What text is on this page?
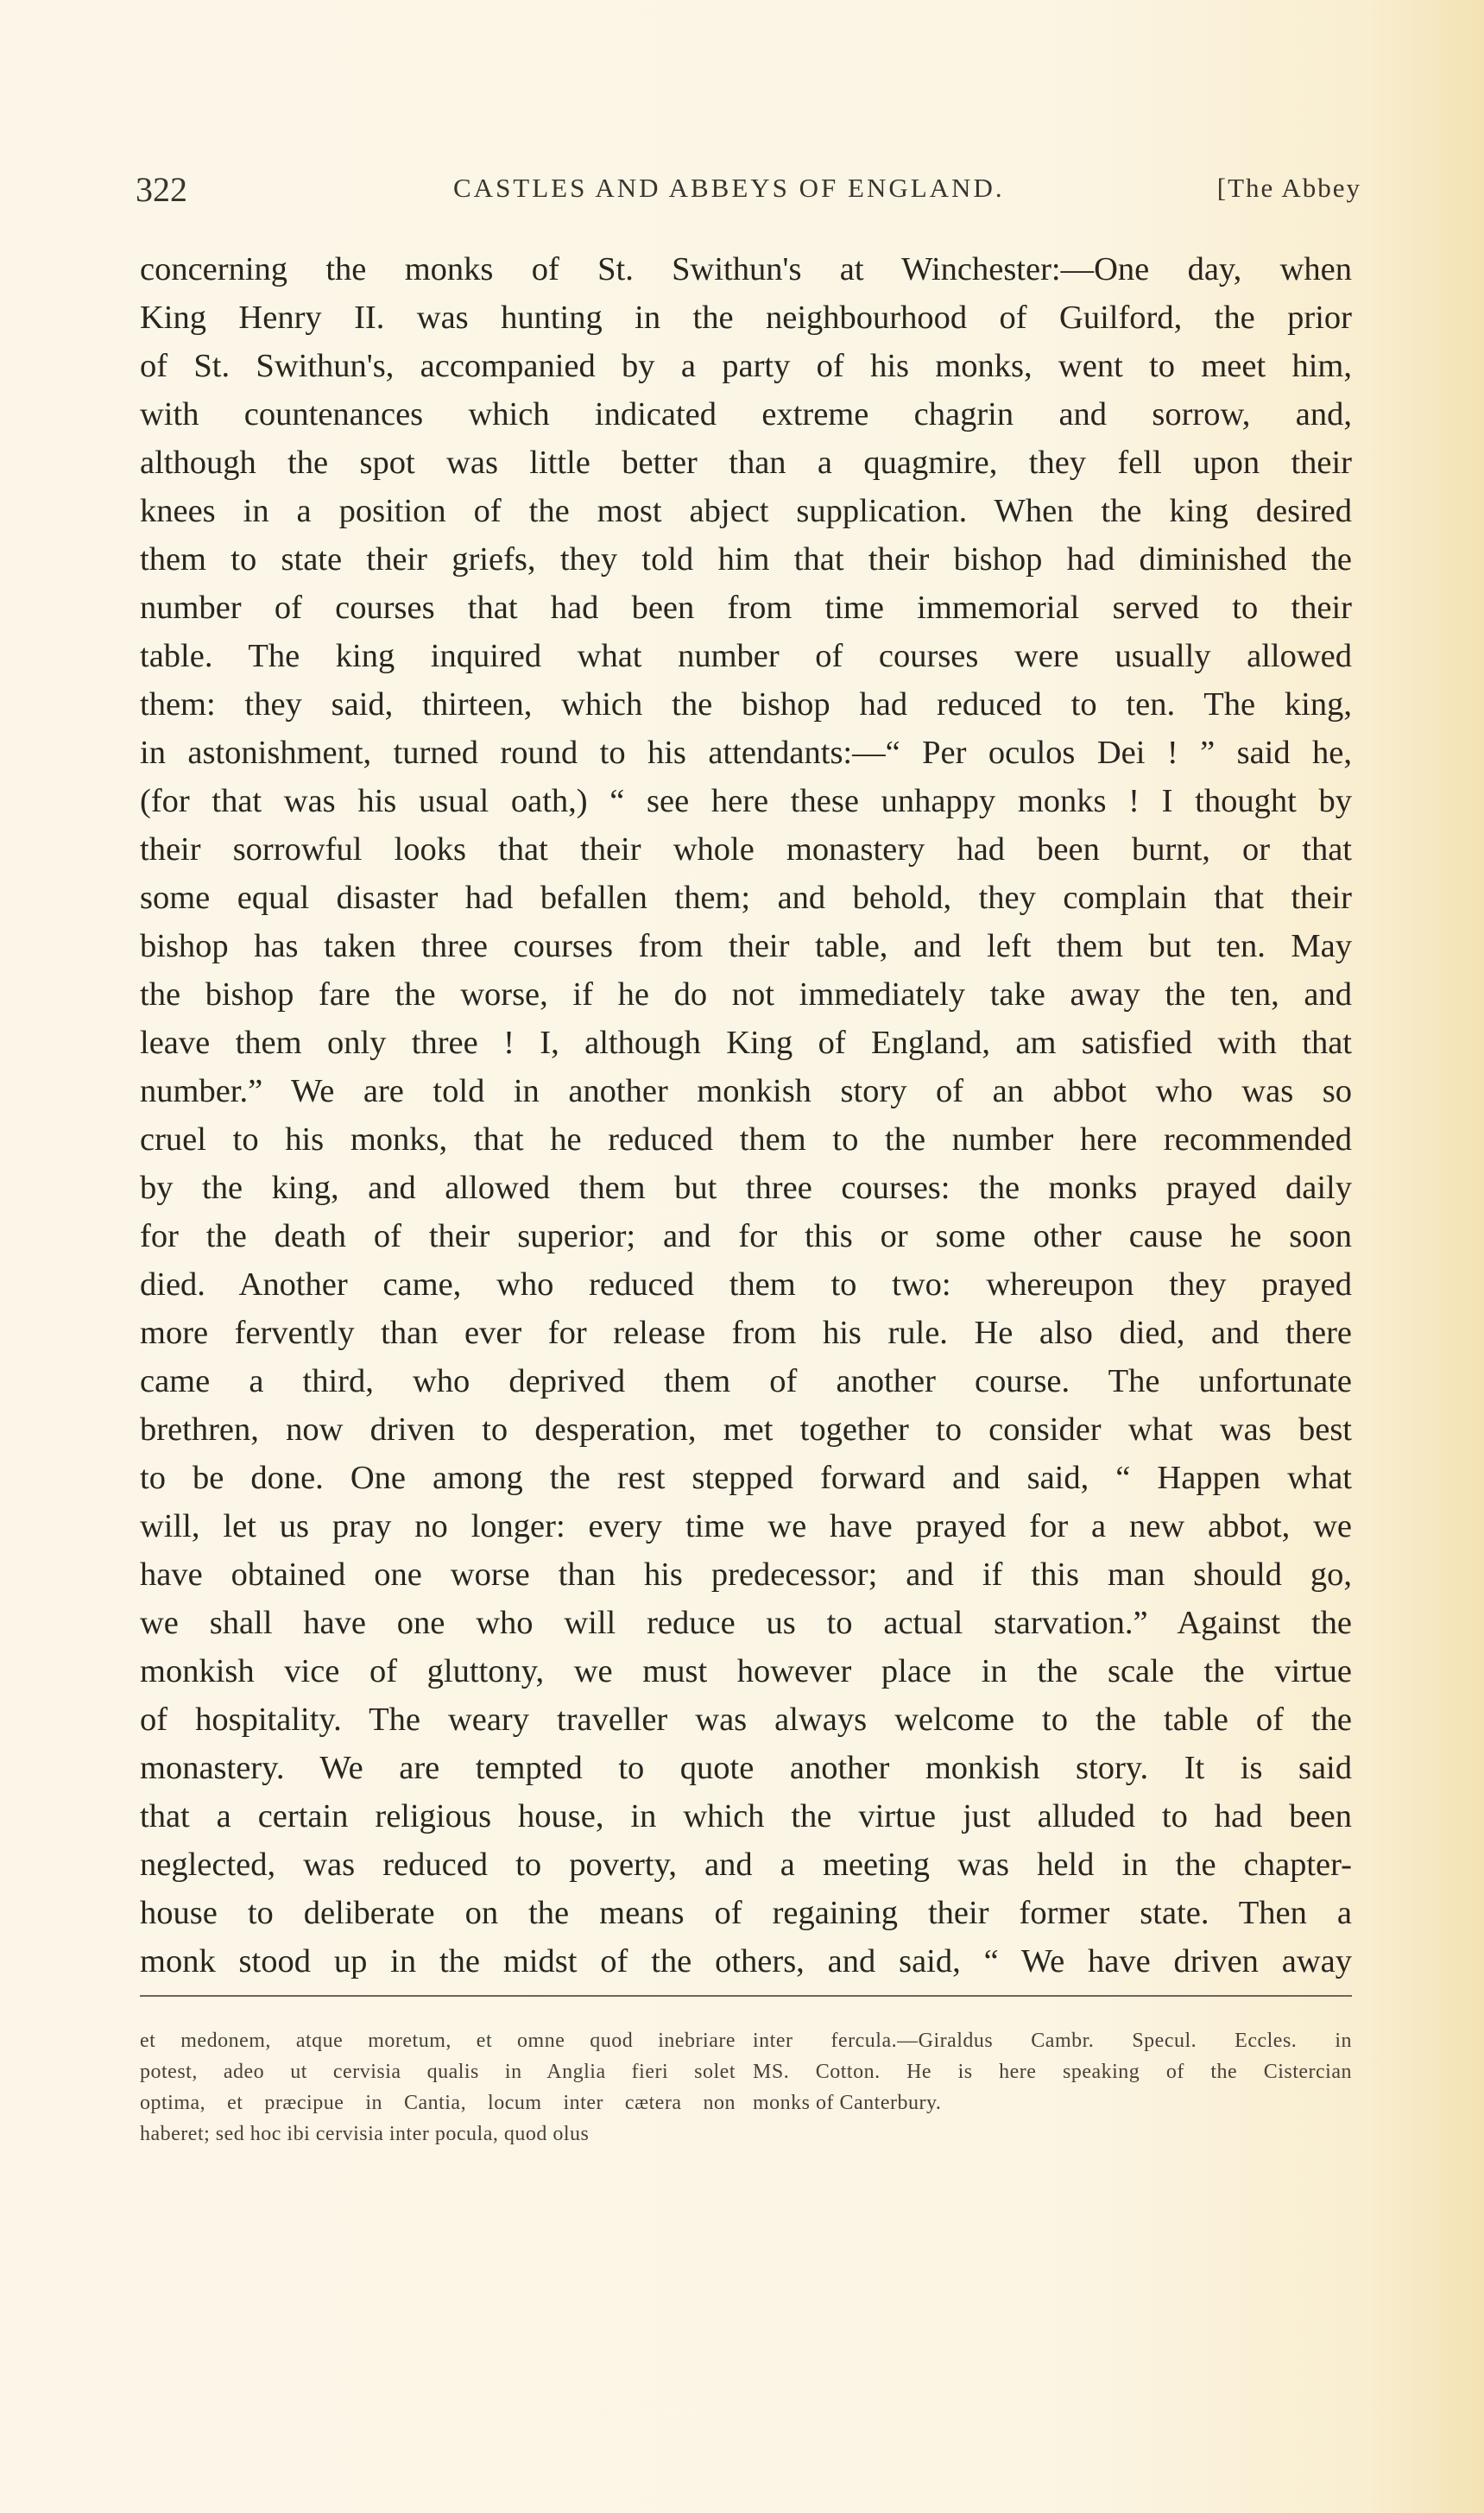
322	CASTLES AND ABBEYS OF ENGLAND.	[The Abbey
concerning the monks of St. Swithun's at Winchester:—One day, when
King Henry II. was hunting in the neighbourhood of Guilford, the prior
of St. Swithun's, accompanied by a party of his monks, went to meet him,
with countenances which indicated extreme chagrin and sorrow, and,
although the spot was little better than a quagmire, they fell upon their
knees in a position of the most abject supplication. When the king desired
them to state their griefs, they told him that their bishop had diminished the
number of courses that had been from time immemorial served to their
table. The king inquired what number of courses were usually allowed
them: they said, thirteen, which the bishop had reduced to ten. The king,
in astonishment, turned round to his attendants:—“ Per oculos Dei ! ” said he,
(for that was his usual oath,) “ see here these unhappy monks ! I thought by
their sorrowful looks that their whole monastery had been burnt, or that
some equal disaster had befallen them; and behold, they complain that their
bishop has taken three courses from their table, and left them but ten. May
the bishop fare the worse, if he do not immediately take away the ten, and
leave them only three ! I, although King of England, am satisfied with that
number.” We are told in another monkish story of an abbot who was so
cruel to his monks, that he reduced them to the number here recommended
by the king, and allowed them but three courses: the monks prayed daily
for the death of their superior; and for this or some other cause he soon
died. Another came, who reduced them to two: whereupon they prayed
more fervently than ever for release from his rule. He also died, and there
came a third, who deprived them of another course. The unfortunate
brethren, now driven to desperation, met together to consider what was best
to be done. One among the rest stepped forward and said, “ Happen what
will, let us pray no longer: every time we have prayed for a new abbot, we
have obtained one worse than his predecessor; and if this man should go,
we shall have one who will reduce us to actual starvation.” Against the
monkish vice of gluttony, we must however place in the scale the virtue
of hospitality. The weary traveller was always welcome to the table of the
monastery. We are tempted to quote another monkish story. It is said
that a certain religious house, in which the virtue just alluded to had been
neglected, was reduced to poverty, and a meeting was held in the chapter-
house to deliberate on the means of regaining their former state. Then a
monk stood up in the midst of the others, and said, “ We have driven away
et medonem, atque moretum, et omne quod inebriare
potest, adeo ut cervisia qualis in Anglia fieri solet
optima, et præcipue in Cantia, locum inter cætera non
haberet; sed hoc ibi cervisia inter pocula, quod olus
inter fercula.—Giraldus Cambr. Specul. Eccles. in
MS. Cotton. He is here speaking of the Cistercian
monks of Canterbury.
